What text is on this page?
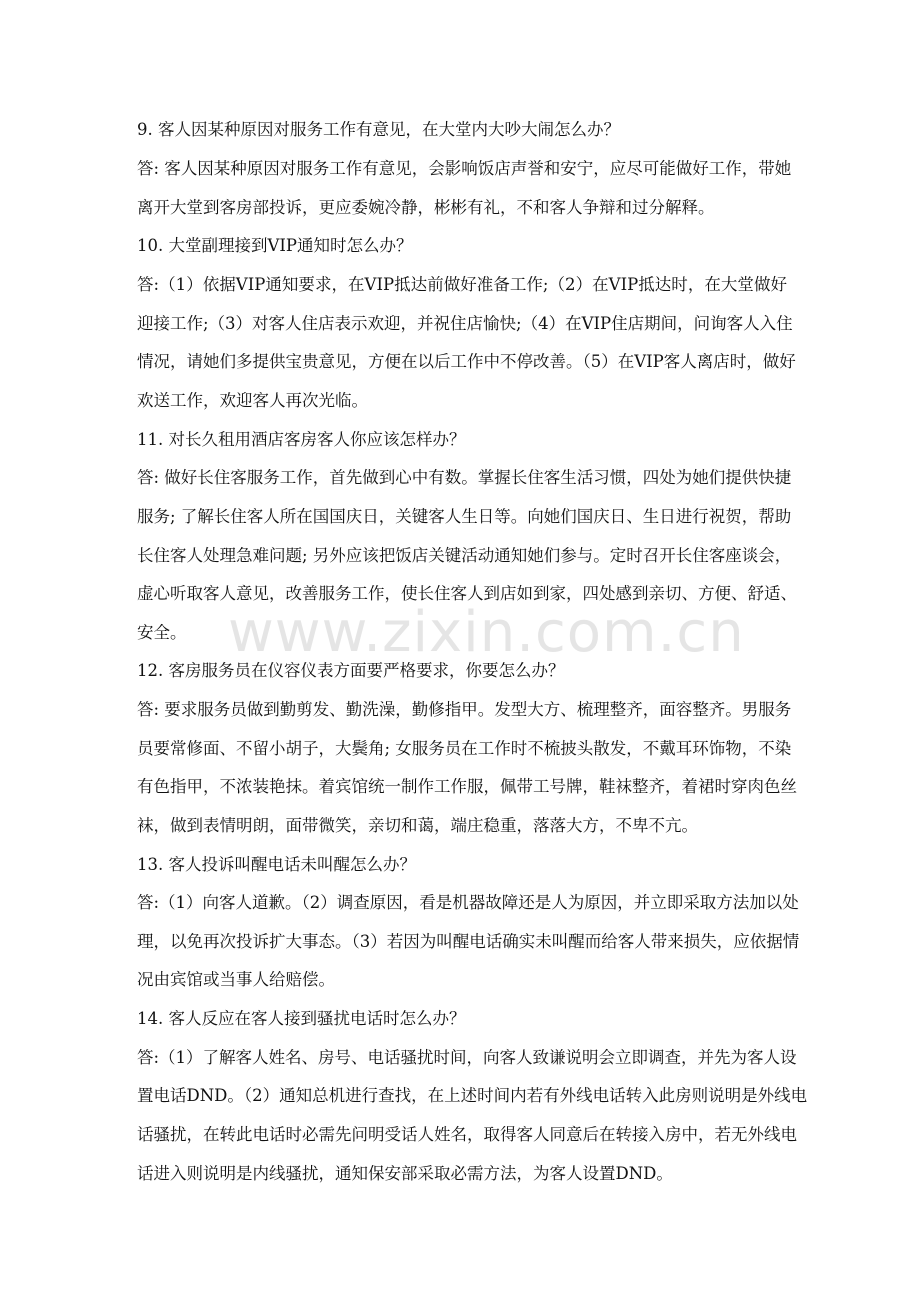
9. 客人因某种原因对服务工作有意见，在大堂内大吵大闹怎么办？
答: 客人因某种原因对服务工作有意见，会影响饭店声誉和安宁，应尽可能做好工作，带她
离开大堂到客房部投诉，更应委婉冷静，彬彬有礼，不和客人争辩和过分解释。
10. 大堂副理接到VIP通知时怎么办？
答:（1）依据VIP通知要求，在VIP抵达前做好准备工作;（2）在VIP抵达时，在大堂做好
迎接工作;（3）对客人住店表示欢迎，并祝住店愉快;（4）在VIP住店期间，问询客人入住
情况，请她们多提供宝贵意见，方便在以后工作中不停改善。（5）在VIP客人离店时，做好
欢送工作，欢迎客人再次光临。
11. 对长久租用酒店客房客人你应该怎样办？
答: 做好长住客服务工作，首先做到心中有数。掌握长住客生活习惯，四处为她们提供快捷
服务; 了解长住客人所在国国庆日，关键客人生日等。向她们国庆日、生日进行祝贺，帮助
长住客人处理急难问题; 另外应该把饭店关键活动通知她们参与。定时召开长住客座谈会，
虚心听取客人意见，改善服务工作，使长住客人到店如到家，四处感到亲切、方便、舒适、
安全。
12. 客房服务员在仪容仪表方面要严格要求，你要怎么办？
答: 要求服务员做到勤剪发、勤洗澡，勤修指甲。发型大方、梳理整齐，面容整齐。男服务
员要常修面、不留小胡子，大鬓角; 女服务员在工作时不梳披头散发，不戴耳环饰物，不染
有色指甲，不浓装艳抹。着宾馆统一制作工作服，佩带工号牌，鞋袜整齐，着裙时穿肉色丝
袜，做到表情明朗，面带微笑，亲切和蔼，端庄稳重，落落大方，不卑不亢。
13. 客人投诉叫醒电话未叫醒怎么办？
答:（1）向客人道歉。（2）调查原因，看是机器故障还是人为原因，并立即采取方法加以处
理，以免再次投诉扩大事态。（3）若因为叫醒电话确实未叫醒而给客人带来损失，应依据情
况由宾馆或当事人给赔偿。
14. 客人反应在客人接到骚扰电话时怎么办？
答:（1）了解客人姓名、房号、电话骚扰时间，向客人致谦说明会立即调查，并先为客人设
置电话DND。（2）通知总机进行查找，在上述时间内若有外线电话转入此房则说明是外线电
话骚扰，在转此电话时必需先问明受话人姓名，取得客人同意后在转接入房中，若无外线电
话进入则说明是内线骚扰，通知保安部采取必需方法，为客人设置DND。
www.zixin.com.cn
